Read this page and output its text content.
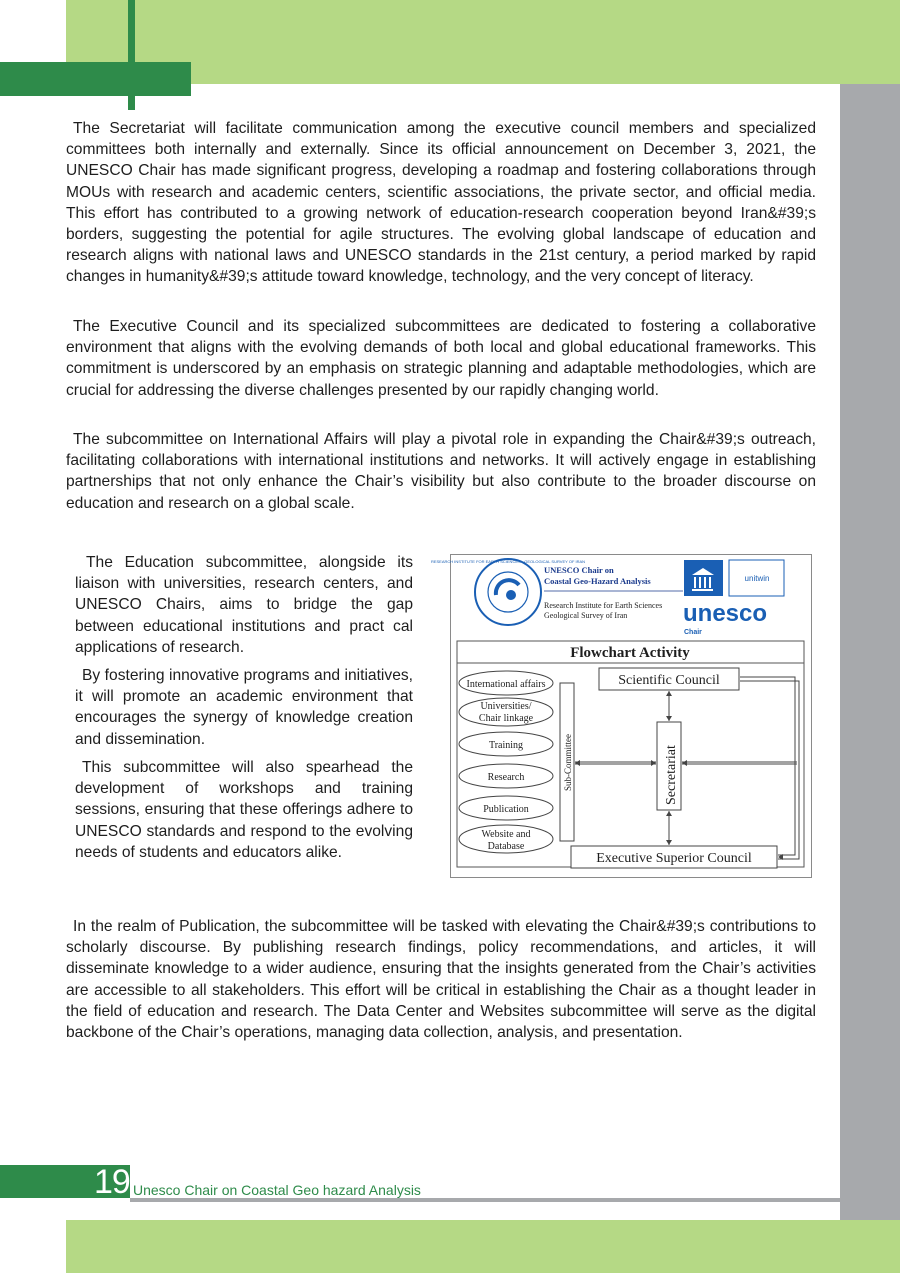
The Secretariat will facilitate communication among the executive council members and specialized committees both internally and externally. Since its official announcement on December 3, 2021, the UNESCO Chair has made significant progress, developing a roadmap and fostering collaborations through MOUs with research and academic centers, scientific associations, the private sector, and official media. This effort has contributed to a growing network of education-research cooperation beyond Iran&#39;s borders, suggesting the potential for agile structures. The evolving global landscape of education and research aligns with national laws and UNESCO standards in the 21st century, a period marked by rapid changes in humanity&#39;s attitude toward knowledge, technology, and the very concept of literacy.

The Executive Council and its specialized subcommittees are dedicated to fostering a collaborative environment that aligns with the evolving demands of both local and global educational frameworks. This commitment is underscored by an emphasis on strategic planning and adaptable methodologies, which are crucial for addressing the diverse challenges presented by our rapidly changing world.

The subcommittee on International Affairs will play a pivotal role in expanding the Chair&#39;s outreach, facilitating collaborations with international institutions and networks. It will actively engage in establishing partnerships that not only enhance the Chair’s visibility but also contribute to the broader discourse on education and research on a global scale.

The Education subcommittee, alongside its liaison with universities, research centers, and UNESCO Chairs, aims to bridge the gap between educational institutions and pract cal applications of research.

By fostering innovative programs and initiatives, it will promote an academic environment that encourages the synergy of knowledge creation and dissemination.

This subcommittee will also spearhead the development of workshops and training sessions, ensuring that these offerings adhere to UNESCO standards and respond to the evolving needs of students and educators alike.

In the realm of Publication, the subcommittee will be tasked with elevating the Chair&#39;s contributions to scholarly discourse. By publishing research findings, policy recommendations, and articles, it will disseminate knowledge to a wider audience, ensuring that the insights generated from the Chair’s activities are accessible to all stakeholders. This effort will be critical in establishing the Chair as a thought leader in the field of education and research. The Data Center and Websites subcommittee will serve as the digital backbone of the Chair’s operations, managing data collection, analysis, and presentation.

RESEARCH INSTITUTE FOR EARTH SCIENCES · GEOLOGICAL SURVEY OF IRAN
UNESCO Chair on
Coastal Geo-Hazard Analysis
Research Institute for Earth Sciences
Geological Survey of Iran
unitwin
unesco
Chair
Flowchart Activity
International affairs
Universities/
Chair linkage
Training
Research
Publication
Website and
Database
Sub-Committee
Scientific Council
Secretariat
Executive Superior Council
19 Unesco Chair on Coastal Geo hazard Analysis
